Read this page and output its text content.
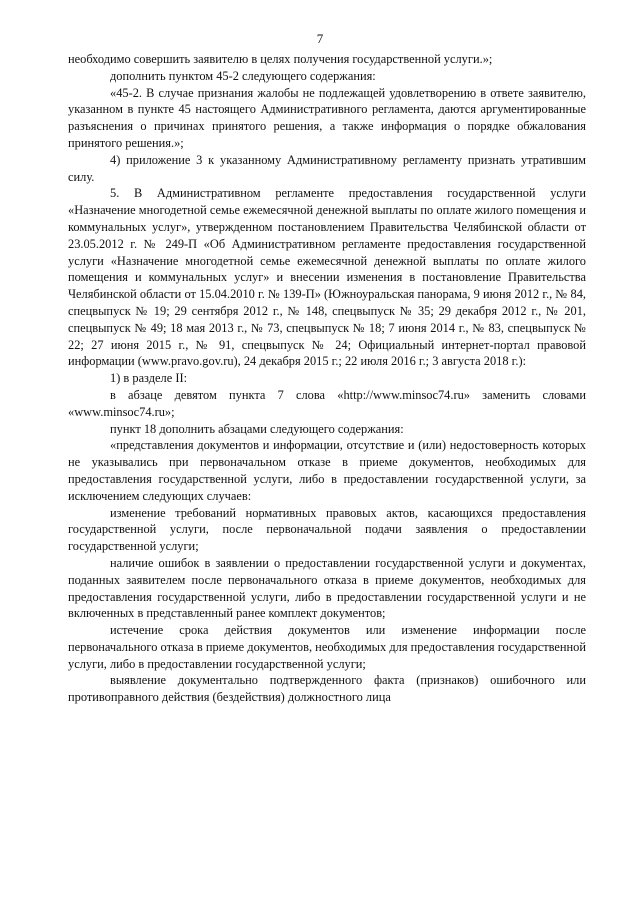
7

необходимо совершить заявителю в целях получения государственной услуги.»;

дополнить пунктом 45-2 следующего содержания:

«45-2. В случае признания жалобы не подлежащей удовлетворению в ответе заявителю, указанном в пункте 45 настоящего Административного регламента, даются аргументированные разъяснения о причинах принятого решения, а также информация о порядке обжалования принятого решения.»;

4) приложение 3 к указанному Административному регламенту признать утратившим силу.

5. В Административном регламенте предоставления государственной услуги «Назначение многодетной семье ежемесячной денежной выплаты по оплате жилого помещения и коммунальных услуг», утвержденном постановлением Правительства Челябинской области от 23.05.2012 г. № 249-П «Об Административном регламенте предоставления государственной услуги «Назначение многодетной семье ежемесячной денежной выплаты по оплате жилого помещения и коммунальных услуг» и внесении изменения в постановление Правительства Челябинской области от 15.04.2010 г. № 139-П» (Южноуральская панорама, 9 июня 2012 г., № 84, спецвыпуск № 19; 29 сентября 2012 г., № 148, спецвыпуск № 35; 29 декабря 2012 г., № 201, спецвыпуск № 49; 18 мая 2013 г., № 73, спецвыпуск № 18; 7 июня 2014 г., № 83, спецвыпуск № 22; 27 июня 2015 г., № 91, спецвыпуск № 24; Официальный интернет-портал правовой информации (www.pravo.gov.ru), 24 декабря 2015 г.; 22 июля 2016 г.; 3 августа 2018 г.):

1) в разделе II:

в абзаце девятом пункта 7 слова «http://www.minsoc74.ru» заменить словами «www.minsoc74.ru»;

пункт 18 дополнить абзацами следующего содержания:

«представления документов и информации, отсутствие и (или) недостоверность которых не указывались при первоначальном отказе в приеме документов, необходимых для предоставления государственной услуги, либо в предоставлении государственной услуги, за исключением следующих случаев:

изменение требований нормативных правовых актов, касающихся предоставления государственной услуги, после первоначальной подачи заявления о предоставлении государственной услуги;

наличие ошибок в заявлении о предоставлении государственной услуги и документах, поданных заявителем после первоначального отказа в приеме документов, необходимых для предоставления государственной услуги, либо в предоставлении государственной услуги и не включенных в представленный ранее комплект документов;

истечение срока действия документов или изменение информации после первоначального отказа в приеме документов, необходимых для предоставления государственной услуги, либо в предоставлении государственной услуги;

выявление документально подтвержденного факта (признаков) ошибочного или противоправного действия (бездействия) должностного лица
